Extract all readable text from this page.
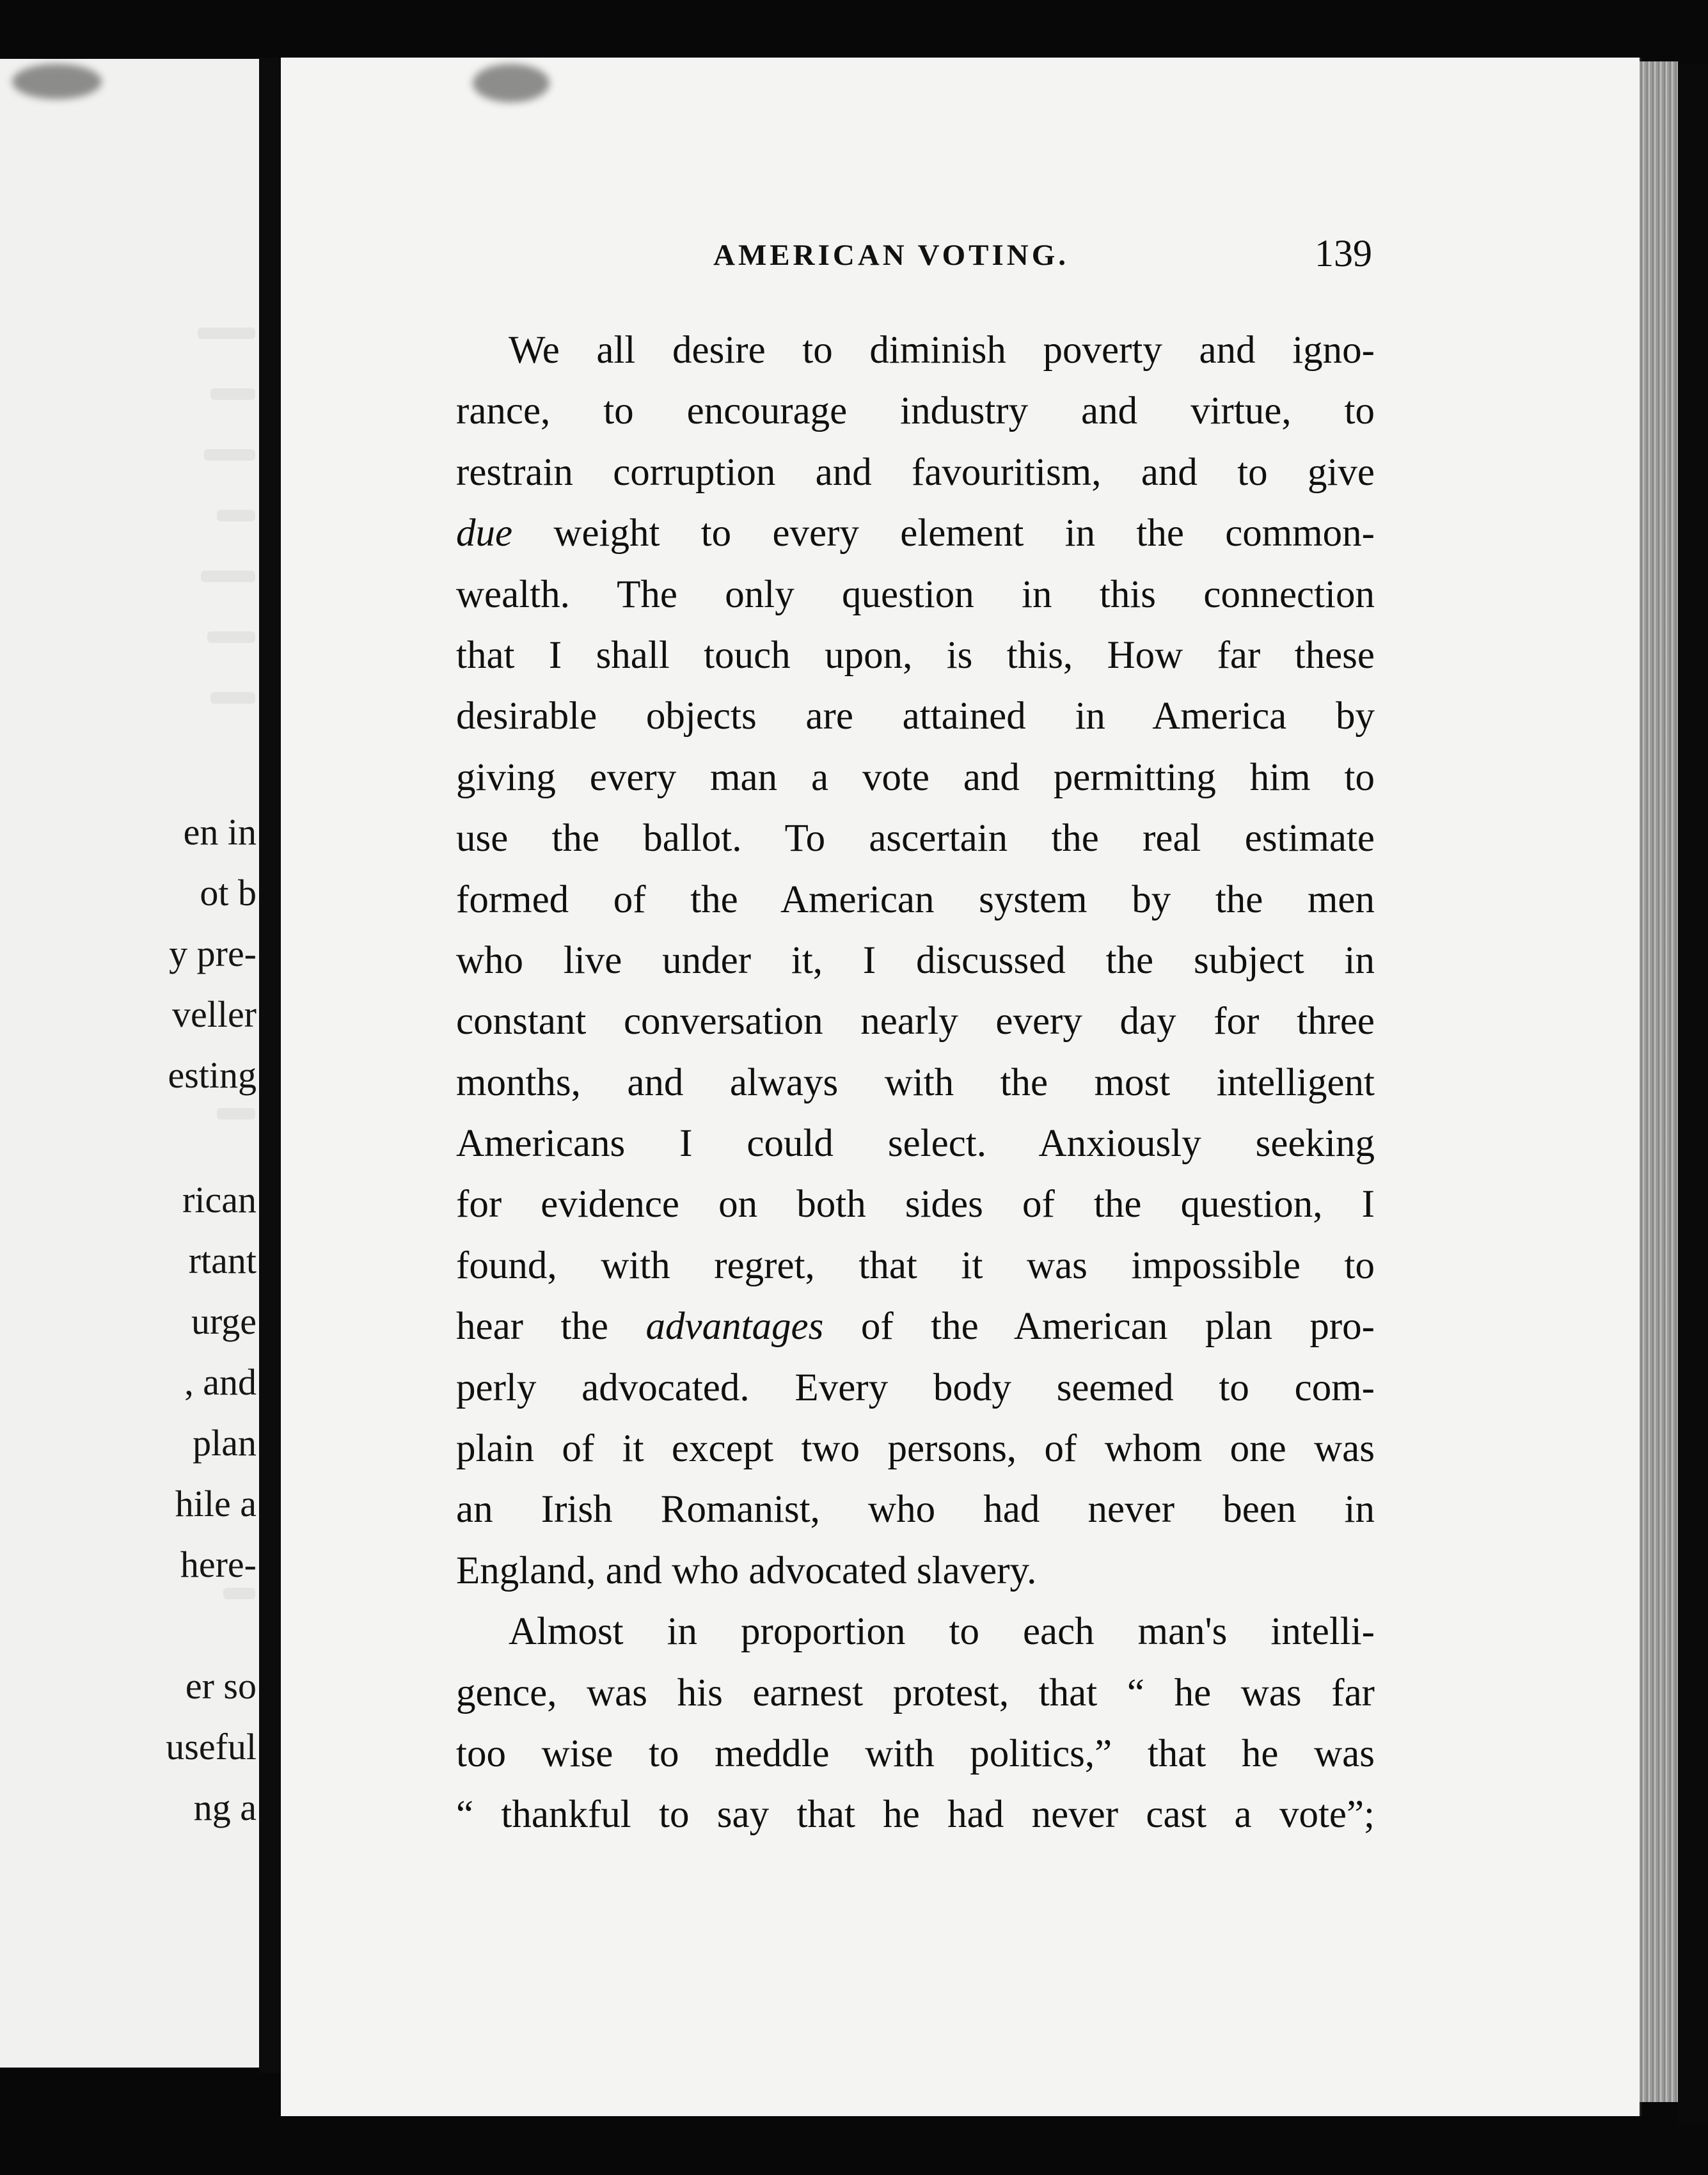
en in
ot b
y pre-
veller
esting
rican
rtant
urge
, and
plan
hile a
here-
er so
useful
ng a
AMERICAN VOTING.	139
We all desire to diminish poverty and igno-
rance, to encourage industry and virtue, to
restrain corruption and favouritism, and to give
due weight to every element in the common-
wealth. The only question in this connection
that I shall touch upon, is this, How far these
desirable objects are attained in America by
giving every man a vote and permitting him to
use the ballot. To ascertain the real estimate
formed of the American system by the men
who live under it, I discussed the subject in
constant conversation nearly every day for three
months, and always with the most intelligent
Americans I could select. Anxiously seeking
for evidence on both sides of the question, I
found, with regret, that it was impossible to
hear the advantages of the American plan pro-
perly advocated. Every body seemed to com-
plain of it except two persons, of whom one was
an Irish Romanist, who had never been in
England, and who advocated slavery.
Almost in proportion to each man's intelli-
gence, was his earnest protest, that “ he was far
too wise to meddle with politics,” that he was
“ thankful to say that he had never cast a vote”;
